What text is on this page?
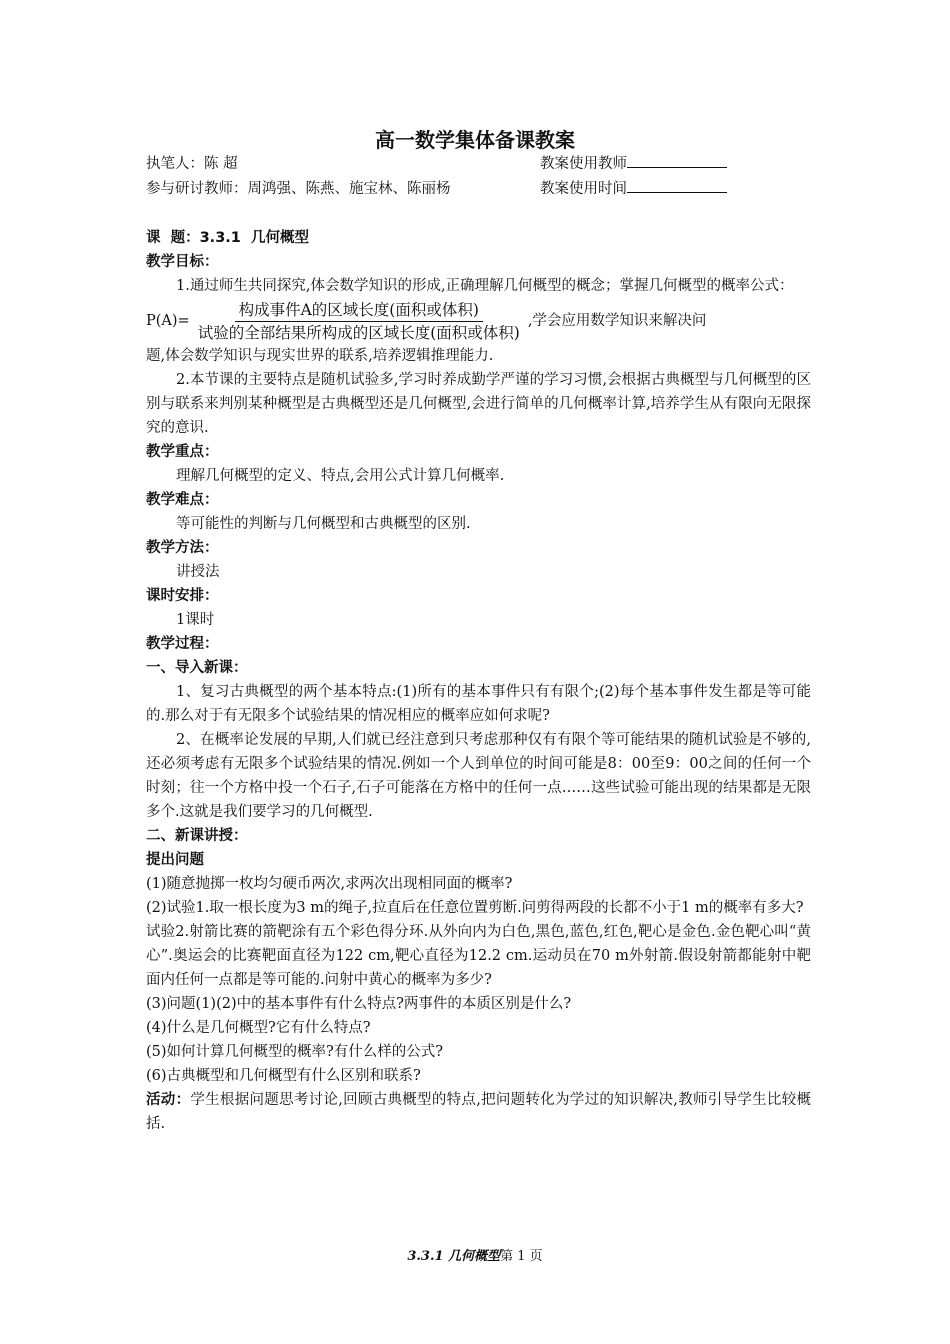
高一数学集体备课教案
执笔人：陈 超
参与研讨教师：周鸿强、陈燕、施宝林、陈丽杨
教案使用教师
教案使用时间

课  题：3.3.1  几何概型

教学目标：

1.通过师生共同探究,体会数学知识的形成,正确理解几何概型的概念；掌握几何概型的概率公式：

$P(A)= \frac{\text{构成事件A的区域长度(面积或体积)}}{\text{试验的全部结果所构成的区域长度(面积或体积)}}$ ,学会应用数学知识来解决问

题,体会数学知识与现实世界的联系,培养逻辑推理能力.

2.本节课的主要特点是随机试验多,学习时养成勤学严谨的学习习惯,会根据古典概型与几何概型的区别与联系来判别某种概型是古典概型还是几何概型,会进行简单的几何概率计算,培养学生从有限向无限探究的意识.

教学重点：

理解几何概型的定义、特点,会用公式计算几何概率.

教学难点：

等可能性的判断与几何概型和古典概型的区别.

教学方法：

讲授法

课时安排：

1课时

教学过程：

一、导入新课：

1、复习古典概型的两个基本特点:(1)所有的基本事件只有有限个;(2)每个基本事件发生都是等可能的.那么对于有无限多个试验结果的情况相应的概率应如何求呢?

2、在概率论发展的早期,人们就已经注意到只考虑那种仅有有限个等可能结果的随机试验是不够的,还必须考虑有无限多个试验结果的情况.例如一个人到单位的时间可能是8：00至9：00之间的任何一个时刻；往一个方格中投一个石子,石子可能落在方格中的任何一点……这些试验可能出现的结果都是无限多个.这就是我们要学习的几何概型.

二、新课讲授：

提出问题

(1)随意抛掷一枚均匀硬币两次,求两次出现相同面的概率?

(2)试验1.取一根长度为3 m的绳子,拉直后在任意位置剪断.问剪得两段的长都不小于1 m的概率有多大?

试验2.射箭比赛的箭靶涂有五个彩色得分环.从外向内为白色,黑色,蓝色,红色,靶心是金色.金色靶心叫“黄心”.奥运会的比赛靶面直径为122 cm,靶心直径为12.2 cm.运动员在70 m外射箭.假设射箭都能射中靶面内任何一点都是等可能的.问射中黄心的概率为多少?

(3)问题(1)(2)中的基本事件有什么特点?两事件的本质区别是什么?

(4)什么是几何概型?它有什么特点?

(5)如何计算几何概型的概率?有什么样的公式?

(6)古典概型和几何概型有什么区别和联系?

活动：学生根据问题思考讨论,回顾古典概型的特点,把问题转化为学过的知识解决,教师引导学生比较概括.

3.3.1 几何概型第 1 页
